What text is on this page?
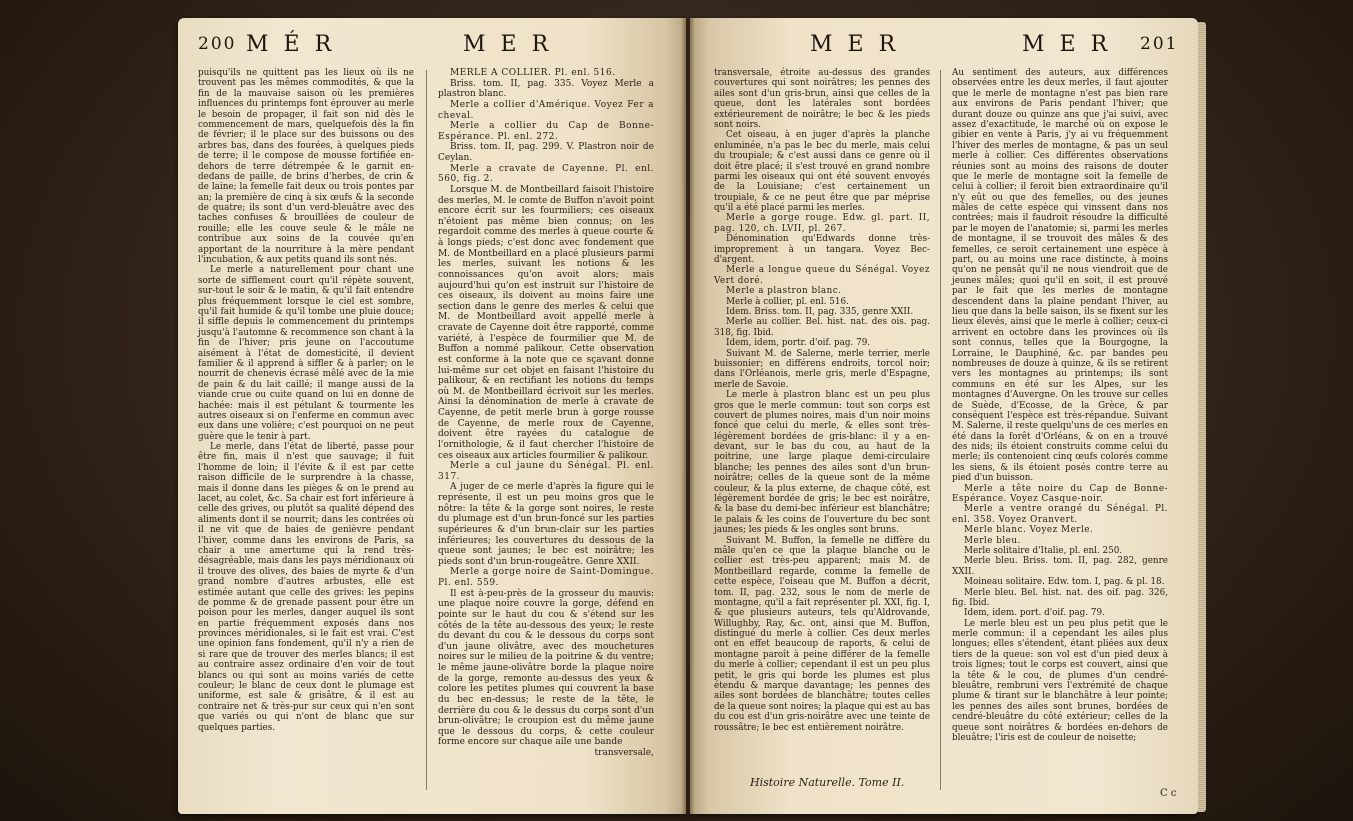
200 M É R	M E R

puisqu'ils ne quittent pas les lieux où ils ne trouvent pas les mêmes commodités, & que la fin de la mauvaise saison où les premières influences du printemps font éprouver au merle le besoin de propager, il fait son nid dès le commencement de mars, quelquefois dès la fin de février; il le place sur des buissons ou des arbres bas, dans des fourées, à quelques pieds de terre; il le compose de mousse fortifiée en-dehors de terre détrempée & le garnit en-dedans de paille, de brins d'herbes, de crin & de laine; la femelle fait deux ou trois pontes par an; la première de cinq à six œufs & la seconde de quatre; ils sont d'un verd-bleuâtre avec des taches confuses & brouillées de couleur de rouille; elle les couve seule & le mâle ne contribue aux soins de la couvée qu'en apportant de la nourriture à la mère pendant l'incubation, & aux petits quand ils sont nés.

Le merle a naturellement pour chant une sorte de sifflement court qu'il répète souvent, sur-tout le soir & le matin, & qu'il fait entendre plus fréquemment lorsque le ciel est sombre, qu'il fait humide & qu'il tombe une pluie douce; il siffle depuis le commencement du printemps jusqu'à l'automne & recommence son chant à la fin de l'hiver; pris jeune on l'accoutume aisément à l'état de domesticité, il devient familier & il apprend à siffler & à parler; on le nourrit de chenevis écrasé mêlé avec de la mie de pain & du lait caillé; il mange aussi de la viande crue ou cuite quand on lui en donne de hachée: mais il est pétulant & tourmente les autres oiseaux si on l'enferme en commun avec eux dans une volière; c'est pourquoi on ne peut guère que le tenir à part.

Le merle, dans l'état de liberté, passe pour être fin, mais il n'est que sauvage; il fuit l'homme de loin; il l'évite & il est par cette raison difficile de le surprendre à la chasse, mais il donne dans les pièges & on le prend au lacet, au colet, &c. Sa chair est fort inférieure à celle des grives, ou plutôt sa qualité dépend des aliments dont il se nourrit; dans les contrées où il ne vit que de baies de genièvre pendant l'hiver, comme dans les environs de Paris, sa chair a une amertume qui la rend très-désagréable, mais dans les pays méridionaux où il trouve des olives, des baies de myrte & d'un grand nombre d'autres arbustes, elle est estimée autant que celle des grives: les pepins de pomme & de grenade passent pour être un poison pour les merles, danger auquel ils sont en partie fréquemment exposés dans nos provinces méridionales, si le fait est vrai. C'est une opinion fans fondement, qu'il n'y a rien de si rare que de trouver des merles blancs; il est au contraire assez ordinaire d'en voir de tout blancs ou qui sont au moins variés de cette couleur; le blanc de ceux dont le plumage est uniforme, est sale & grisâtre, & il est au contraire net & très-pur sur ceux qui n'en sont que variés ou qui n'ont de blanc que sur quelques parties.

MERLE A COLLIER. Pl. enl. 516.

Briss. tom. II, pag. 335. Voyez Merle a plastron blanc.

Merle a collier d'Amérique. Voyez Fer a cheval.

Merle a collier du Cap de Bonne-Espérance. Pl. enl. 272.

Briss. tom. II, pag. 299. V. Plastron noir de Ceylan.

Merle a cravate de Cayenne. Pl. enl. 560, fig. 2.

Lorsque M. de Montbeillard faisoit l'histoire des merles, M. le comte de Buffon n'avoit point encore écrit sur les fourmiliers; ces oiseaux n'étoient pas même bien connus; on les regardoit comme des merles à queue courte & à longs pieds; c'est donc avec fondement que M. de Montbeillard en a placé plusieurs parmi les merles, suivant les notions & les connoissances qu'on avoit alors; mais aujourd'hui qu'on est instruit sur l'histoire de ces oiseaux, ils doivent au moins faire une section dans le genre des merles & celui que M. de Montbeillard avoit appellé merle à cravate de Cayenne doit être rapporté, comme variété, à l'espèce de fourmilier que M. de Buffon a nommé palikour. Cette observation est conforme à la note que ce sçavant donne lui-même sur cet objet en faisant l'histoire du palikour, & en rectifiant les notions du temps où M. de Montbeillard écrivoit sur les merles. Ainsi la dénomination de merle à cravate de Cayenne, de petit merle brun à gorge rousse de Cayenne, de merle roux de Cayenne, doivent être rayées du catalogue de l'ornithologie, & il faut chercher l'histoire de ces oiseaux aux articles fourmilier & palikour.

Merle a cul jaune du Sénégal. Pl. enl. 317.

A juger de ce merle d'après la figure qui le représente, il est un peu moins gros que le nôtre: la tête & la gorge sont noires, le reste du plumage est d'un brun-foncé sur les parties supérieures & d'un brun-clair sur les parties inférieures; les couvertures du dessous de la queue sont jaunes; le bec est noirâtre; les pieds sont d'un brun-rougeâtre. Genre XXII.

Merle a gorge noire de Saint-Domingue. Pl. enl. 559.

Il est à-peu-près de la grosseur du mauvis: une plaque noire couvre la gorge, défend en pointe sur le haut du cou & s'étend sur les côtés de la tête au-dessous des yeux; le reste du devant du cou & le dessous du corps sont d'un jaune olivâtre, avec des mouchetures noires sur le milieu de la poitrine & du ventre; le même jaune-olivâtre borde la plaque noire de la gorge, remonte au-dessus des yeux & colore les petites plumes qui couvrent la base du bec en-dessus; le reste de la tête, le derrière du cou & le dessus du corps sont d'un brun-olivâtre; le croupion est du même jaune que le dessous du corps, & cette couleur forme encore sur chaque aile une bande

transversale,

M E R	M E R 201

transversale, étroite au-dessus des grandes couvertures qui sont noirâtres; les pennes des ailes sont d'un gris-brun, ainsi que celles de la queue, dont les latérales sont bordées extérieurement de noirâtre; le bec & les pieds sont noirs.

Cet oiseau, à en juger d'après la planche enluminée, n'a pas le bec du merle, mais celui du troupiale; & c'est aussi dans ce genre où il doit être placé; il s'est trouvé en grand nombre parmi les oiseaux qui ont été souvent envoyés de la Louisiane; c'est certainement un troupiale, & ce ne peut être que par méprise qu'il a été placé parmi les merles.

Merle a gorge rouge. Edw. gl. part. II, pag. 120, ch. LVII, pl. 267.

Dénomination qu'Edwards donne très-improprement à un tangara. Voyez Bec-d'argent.

Merle a longue queue du Sénégal. Voyez Vert doré.

Merle a plastron blanc.

Merle à collier, pl. enl. 516.

Idem. Briss. tom. II, pag. 335, genre XXII.

Merle au collier. Bel. hist. nat. des ois. pag. 318, fig. Ibid.

Idem, idem, portr. d'oif. pag. 79.

Suivant M. de Salerne, merle terrier, merle buissonier; en différens endroits, torcol noir; dans l'Orléanois, merle gris, merle d'Espagne, merle de Savoie.

Le merle à plastron blanc est un peu plus gros que le merle commun: tout son corps est couvert de plumes noires, mais d'un noir moins foncé que celui du merle, & elles sont très-légèrement bordées de gris-blanc: il y a en-devant, sur le bas du cou, au haut de la poitrine, une large plaque demi-circulaire blanche; les pennes des ailes sont d'un brun-noirâtre; celles de la queue sont de la même couleur, & la plus externe, de chaque côté, est légèrement bordée de gris; le bec est noirâtre, & la base du demi-bec inférieur est blanchâtre; le palais & les coins de l'ouverture du bec sont jaunes; les pieds & les ongles sont bruns.

Suivant M. Buffon, la femelle ne diffère du mâle qu'en ce que la plaque blanche ou le collier est très-peu apparent; mais M. de Montbeillard regarde, comme la femelle de cette espèce, l'oiseau que M. Buffon a décrit, tom. II, pag. 232, sous le nom de merle de montagne, qu'il a fait représenter pl. XXI, fig. I, & que plusieurs auteurs, tels qu'Aldrovande, Willughby, Ray, &c. ont, ainsi que M. Buffon, distingué du merle à collier. Ces deux merles ont en effet beaucoup de raports, & celui de montagne paroît à peine différer de la femelle du merle à collier; cependant il est un peu plus petit, le gris qui borde les plumes est plus étendu & marque davantage; les pennes des ailes sont bordées de blanchâtre; toutes celles de la queue sont noires; la plaque qui est au bas du cou est d'un gris-noirâtre avec une teinte de roussâtre; le bec est entièrement noirâtre.

Histoire Naturelle. Tome II.

Au sentiment des auteurs, aux différences observées entre les deux merles, il faut ajouter que le merle de montagne n'est pas bien rare aux environs de Paris pendant l'hiver; que durant douze ou quinze ans que j'ai suivi, avec assez d'exactitude, le marché où on expose le gibier en vente à Paris, j'y ai vu fréquemment l'hiver des merles de montagne, & pas un seul merle à collier. Ces différentes observations réunies sont au moins des raisons de douter que le merle de montagne soit la femelle de celui à collier; il feroit bien extraordinaire qu'il n'y eût ou que des femelles, ou des jeunes mâles de cette espèce qui vinssent dans nos contrées; mais il faudroit résoudre la difficulté par le moyen de l'anatomie; si, parmi les merles de montagne, il se trouvoit des mâles & des femelles, ce seroit certainement une espèce à part, ou au moins une race distincte, à moins qu'on ne pensât qu'il ne nous viendroit que de jeunes mâles; quoi qu'il en soit, il est prouvé par le fait que les merles de montagne descendent dans la plaine pendant l'hiver, au lieu que dans la belle saison, ils se fixent sur les lieux élevés, ainsi que le merle à collier; ceux-ci arrivent en octobre dans les provinces où ils sont connus, telles que la Bourgogne, la Lorraine, le Dauphiné, &c. par bandes peu nombreuses de douze à quinze, & ils se retirent vers les montagnes au printemps; ils sont communs en été sur les Alpes, sur les montagnes d'Auvergne. On les trouve sur celles de Suède, d'Ecosse, de la Grèce, & par conséquent l'espèce est très-répandue. Suivant M. Salerne, il reste quelqu'uns de ces merles en été dans la forêt d'Orléans, & on en a trouvé des nids; ils étoient construits comme celui du merle; ils contenoient cinq œufs colorés comme les siens, & ils étoient posés contre terre au pied d'un buisson.

Merle a tête noire du Cap de Bonne-Espérance. Voyez Casque-noir.

Merle a ventre orangé du Sénégal. Pl. enl. 358. Voyez Oranvert.

Merle blanc. Voyez Merle.

Merle bleu.

Merle solitaire d'Italie, pl. enl. 250.

Merle bleu. Briss. tom. II, pag. 282, genre XXII.

Moineau solitaire. Edw. tom. I, pag. & pl. 18.

Merle bleu. Bel. hist. nat. des oif. pag. 326, fig. Ibid.

Idem, idem. port. d'oif. pag. 79.

Le merle bleu est un peu plus petit que le merle commun: il a cependant les ailes plus longues; elles s'étendent, étant pliées aux deux tiers de la queue: son vol est d'un pied deux à trois lignes; tout le corps est couvert, ainsi que la tête & le cou, de plumes d'un cendré-bleuâtre, rembruni vers l'extrémité de chaque plume & tirant sur le blanchâtre à leur pointe; les pennes des ailes sont brunes, bordées de cendré-bleuâtre du côté extérieur; celles de la queue sont noirâtres & bordées en-dehors de bleuâtre; l'iris est de couleur de noisette;

C c
